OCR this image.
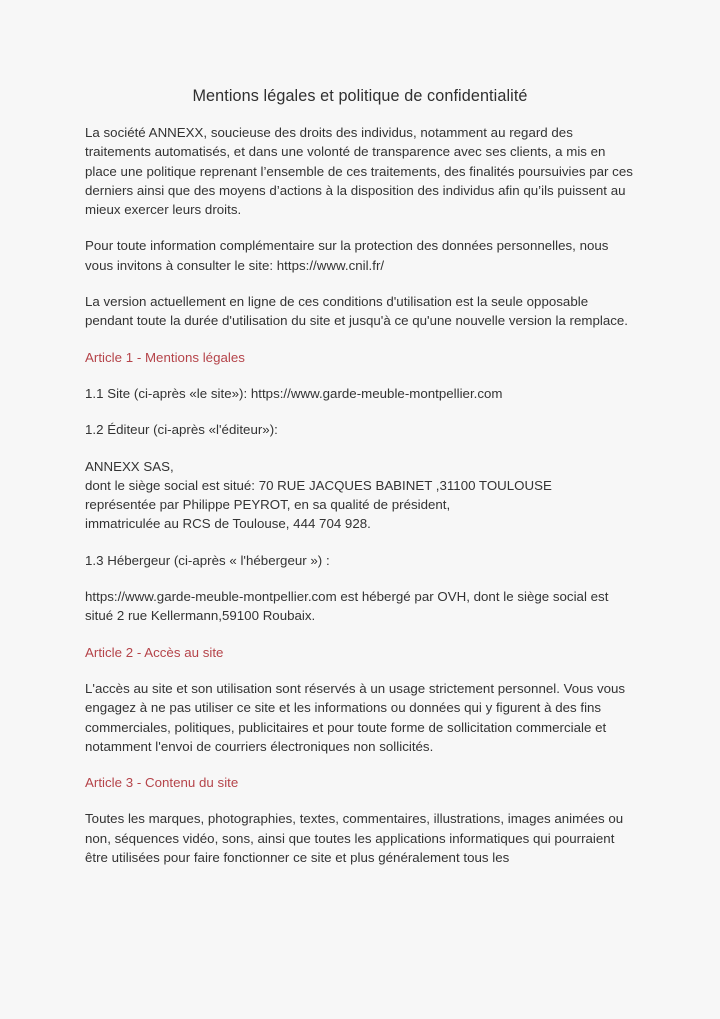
Mentions légales et politique de confidentialité

La société ANNEXX, soucieuse des droits des individus, notamment au regard des traitements automatisés, et dans une volonté de transparence avec ses clients, a mis en place une politique reprenant l’ensemble de ces traitements, des finalités poursuivies par ces derniers ainsi que des moyens d’actions à la disposition des individus afin qu’ils puissent au mieux exercer leurs droits.

Pour toute information complémentaire sur la protection des données personnelles, nous vous invitons à consulter le site: https://www.cnil.fr/

La version actuellement en ligne de ces conditions d'utilisation est la seule opposable pendant toute la durée d'utilisation du site et jusqu'à ce qu'une nouvelle version la remplace.

Article 1 - Mentions légales

1.1 Site (ci-après «le site»): https://www.garde-meuble-montpellier.com

1.2 Éditeur (ci-après «l'éditeur»):

ANNEXX SAS,
dont le siège social est situé: 70 RUE JACQUES BABINET ,31100 TOULOUSE
représentée par Philippe PEYROT, en sa qualité de président,
immatriculée au RCS de Toulouse, 444 704 928.

1.3 Hébergeur (ci-après « l'hébergeur ») :

https://www.garde-meuble-montpellier.com est hébergé par OVH, dont le siège social est situé 2 rue Kellermann,59100 Roubaix.

Article 2 - Accès au site

L'accès au site et son utilisation sont réservés à un usage strictement personnel. Vous vous engagez à ne pas utiliser ce site et les informations ou données qui y figurent à des fins commerciales, politiques, publicitaires et pour toute forme de sollicitation commerciale et notamment l'envoi de courriers électroniques non sollicités.

Article 3 - Contenu du site

Toutes les marques, photographies, textes, commentaires, illustrations, images animées ou non, séquences vidéo, sons, ainsi que toutes les applications informatiques qui pourraient être utilisées pour faire fonctionner ce site et plus généralement tous les
